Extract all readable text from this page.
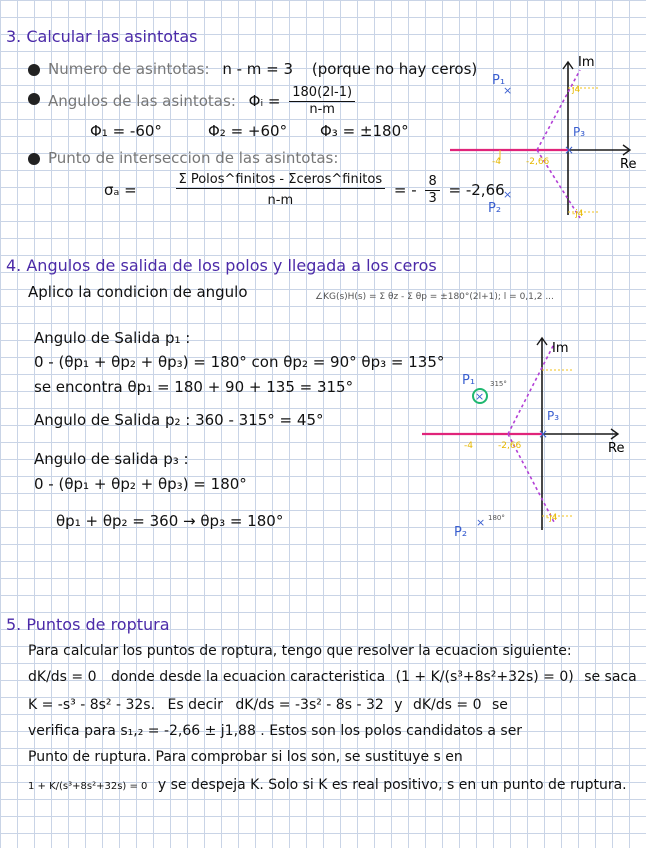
3. Calcular las asintotas
Numero de asintotas: n - m = 3 (porque no hay ceros)
Angulos de las asintotas: Φᵢ = $\frac{180(2l-1)}{n-m}$
Φ₁ = -60°	Φ₂ = +60° Φ₃ = ±180°
Punto de interseccion de las asintotas:
σₐ =	$\frac{\text{Σ Polos\textasciicircum{}finitos - Σceros\textasciicircum{}finitos}}{n-m}$ = - $\frac{8}{3} = -2,66$
Im
Re
-4	-2,66
j4
-j4
P₁
×
P₃
×
×
P₂
4. Angulos de salida de los polos y llegada a los ceros
Aplico la condicion de angulo	∠KG(s)H(s) = Σ θz - Σ θp = ±180°(2l+1); l = 0,1,2 ...
Angulo de Salida p₁ :
0 - (θp₁ + θp₂ + θp₃) = 180° con θp₂ = 90° θp₃ = 135°
se encontra θp₁ = 180 + 90 + 135 = 315°
Angulo de Salida p₂ : 360 - 315° = 45°
Angulo de salida p₃ :
0 - (θp₁ + θp₂ + θp₃) = 180°
θp₁ + θp₂ = 360 → θp₃ = 180°
Im
Re
-4	-2,66
-j4
P₁
×
315°
P₃
×
× 180°
P₂
5. Puntos de roptura
Para calcular los puntos de roptura, tengo que resolver la ecuacion siguiente:
dK/ds = 0 donde desde la ecuacion caracteristica (1 + K/(s³+8s²+32s) = 0) se saca
K = -s³ - 8s² - 32s. Es decir dK/ds = -3s² - 8s - 32 y dK/ds = 0 se
verifica para s₁,₂ = -2,66 ± j1,88 . Estos son los polos candidatos a ser
Punto de ruptura. Para comprobar si los son, se sustituye s en
1 + K/(s³+8s²+32s) = 0 y se despeja K. Solo si K es real positivo, s en un punto de ruptura.
